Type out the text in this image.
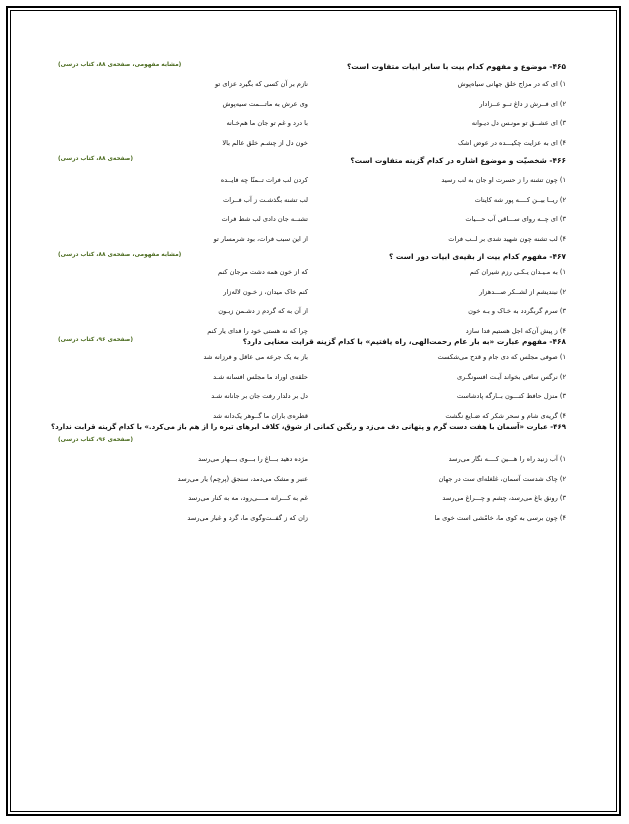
۴۶۵- موضوع و مفهوم کدام بیت با سایر ابیات متفاوت است؟
(مشابه مفهومی، صفحه‌ی ۸۸، کتاب درسی)
۱) ای که در مزاج خلق جهانی سیاه‌پوش
نازم بر آن کسی که بگیرد عزای تو
۲) ای فــرش ز داغ تــو عــزادار
وی عرش به ماتـــمت سیه‌پوش
۳) ای عشــق تو مونـس دل دیـوانه
با درد و غم تو جان ما هم‌خـانه
۴) ای به عزایت چکیـــده در عوض اشک
خون دل از چشـم خلق عالم بالا
۴۶۶- شخصیّت و موضوع اشاره در کدام گزینه متفاوت است؟
(صفحه‌ی ۸۸، کتاب درسی)
۱) چون تشنه را ز حسرت او جان به لب رسید
کردن لب فرات تــمنّا چه فایــده
۲) ریــا بیــن کــــه پور شه کاینات
لب تشنه بگذشـت ز آب فــرات
۳) ای چــه روای ســـاقی آب حـــیات
تشنــه جان دادی لب شط فرات
۴) لب تشنه چون شهید شدی بر لــب فرات
از این سبب فرات، بود شرمسار تو
۴۶۷- مفهوم کدام بیت از بقیه‌ی ابیات دور است ؟
(مشابه مفهومی، صفحه‌ی ۸۸، کتاب درسی)
۱) به مـیـدان یـکـی رزم شیران کنم
که از خون همه دشت مرجان کنم
۲) نبندیشم از لشــکر صـــدهزار
کنم خاک میدان، ز خـون لاله‌زار
۳) سرم گربگردد به خـاک و بـه خون
از آن به که گردم ز دشـمن زبـون
۴) ز پیش آن‌که اجل هستیم فدا سازد
چرا که نه هستی خود را فدای یار کنم
۴۶۸- مفهوم عبارت «به بار عام رحمت‌الهی، راه یافتیم» با کدام گزینه قرابت معنایی دارد؟
(صفحه‌ی ۹۶، کتاب درسی)
۱) صوفی مجلس که دی جام و قدح می‌شکست
باز به یک جرعه می عاقل و فرزانه شد
۲) نرگس ساقی بخواند آیـت افسونگـری
حلقه‌ی اوراد ما مجلس افسانه شـد
۳) منزل حافظ کنـــون بــارگه پادشاست
دل بر دلدار رفت جان بر جانانه شـد
۴) گریه‌ی شام و سحر شکر که ضـایع نگشت
قطره‌ی باران ما گــوهر یک‌دانه شد
۴۶۹- عبارت «آسمان با هفت دست گرم و پنهانی دف می‌زد و رنگین کمانی از شوق، کلاف ابرهای تیره را از هم باز می‌کرد.» با کدام گزینه قرابت ندارد؟
(صفحه‌ی ۹۶، کتاب درسی)
۱) آب زنید راه را هـــین کــــه نگار می‌رسد
مژده دهید بـــاغ را بـــوی بـــهار می‌رسد
۲) چاک شدست آسمان، غلغله‌ای ست در جهان
عنبر و مشک می‌دمد، سنجق (پرچم) یار می‌رسد
۳) رونق باغ می‌رسد، چشم و چـــراغ می‌رسد
غم به کـــرانه مــــی‌رود، مه به کنار می‌رسد
۴) چون برسی به کوی ما، خامُشی است خوی ما
زان که ز گفــت‌وگوی ما، گرد و غبار می‌رسد
